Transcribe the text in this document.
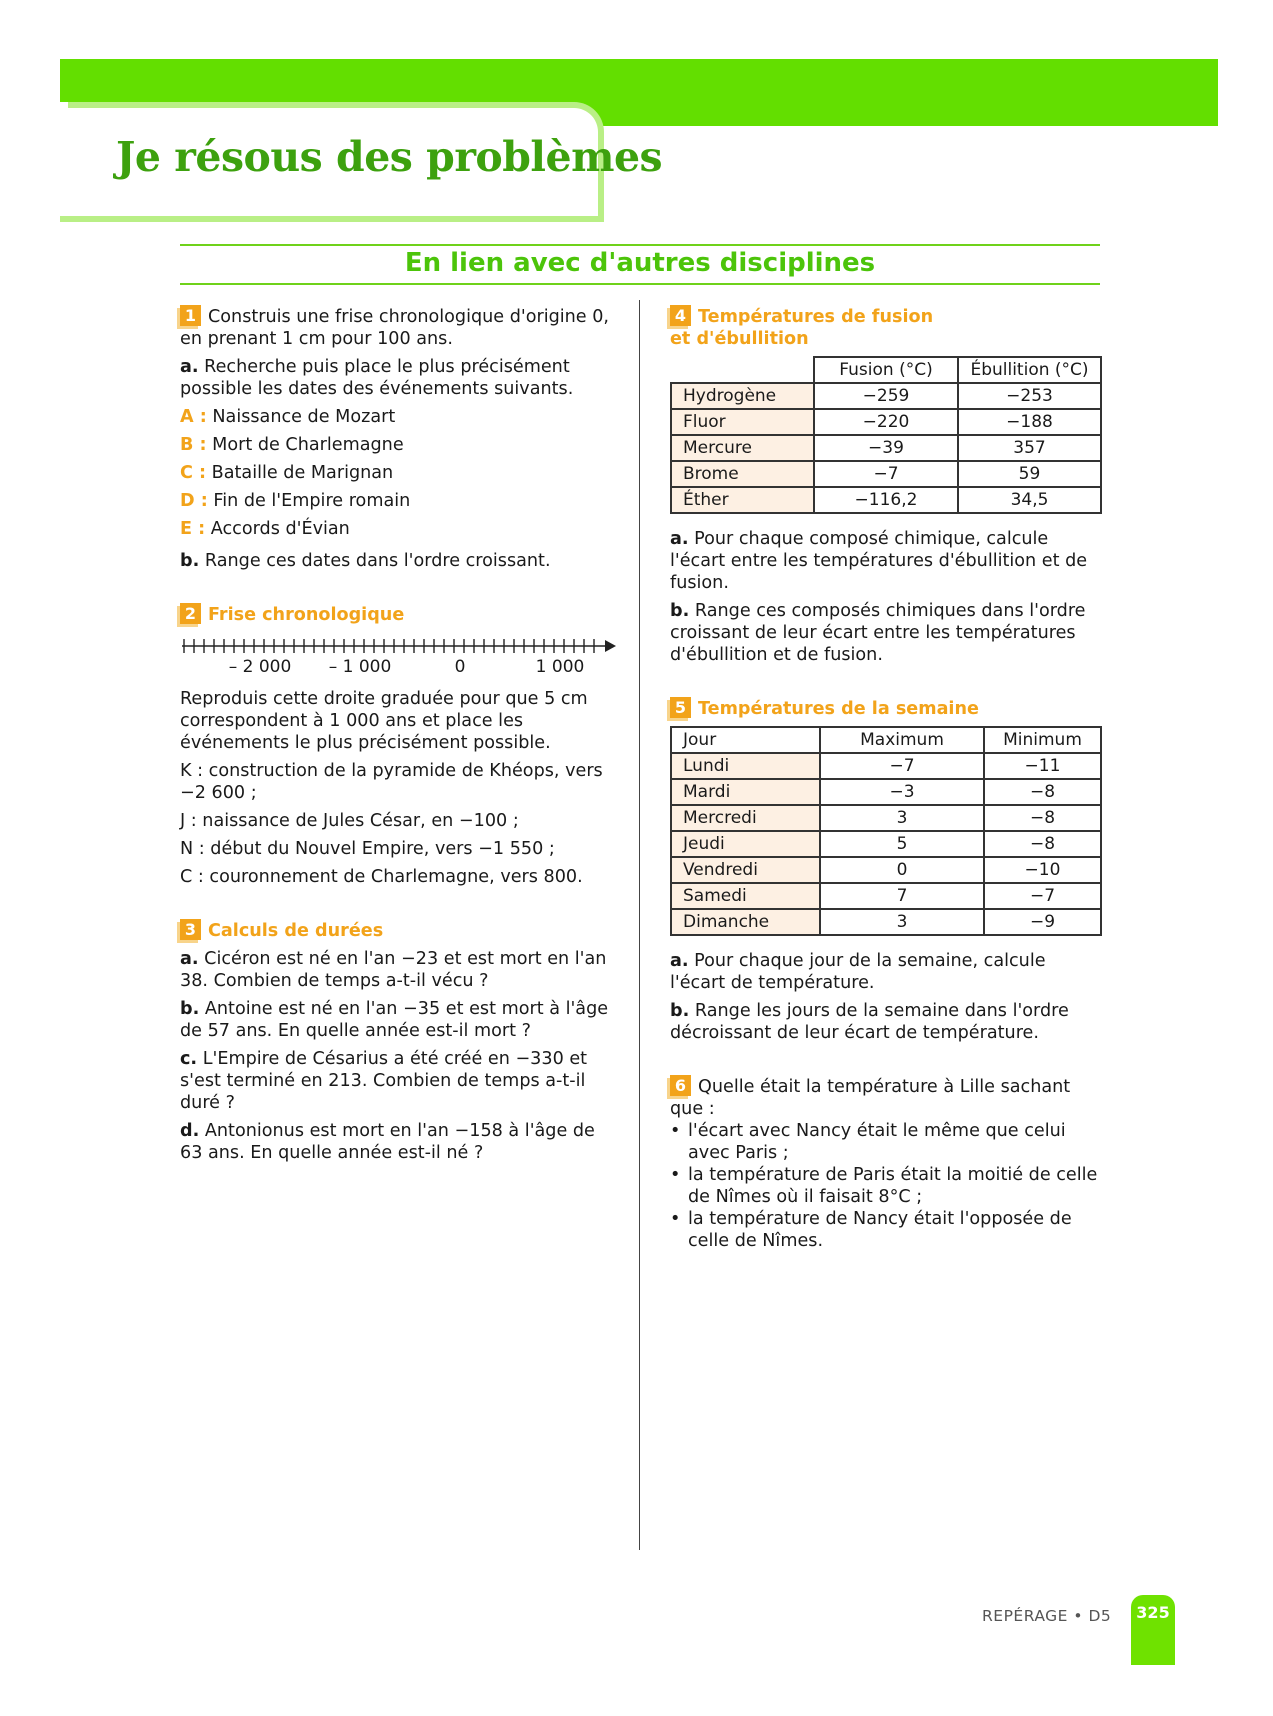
Je résous des problèmes
En lien avec d'autres disciplines

1 Construis une frise chronologique d'origine 0, en prenant 1 cm pour 100 ans.

a. Recherche puis place le plus précisément possible les dates des événements suivants.

A : Naissance de Mozart
B : Mort de Charlemagne
C : Bataille de Marignan
D : Fin de l'Empire romain
E : Accords d'Évian

b. Range ces dates dans l'ordre croissant.

2 Frise chronologique
– 2 000 – 1 000	0	1 000

Reproduis cette droite graduée pour que 5 cm correspondent à 1 000 ans et place les événements le plus précisément possible.

K : construction de la pyramide de Khéops, vers −2 600 ;

J : naissance de Jules César, en −100 ;

N : début du Nouvel Empire, vers −1 550 ;

C : couronnement de Charlemagne, vers 800.

3 Calculs de durées

a. Cicéron est né en l'an −23 et est mort en l'an 38. Combien de temps a-t-il vécu ?

b. Antoine est né en l'an −35 et est mort à l'âge de 57 ans. En quelle année est-il mort ?

c. L'Empire de Césarius a été créé en −330 et s'est terminé en 213. Combien de temps a-t-il duré ?

d. Antonionus est mort en l'an −158 à l'âge de 63 ans. En quelle année est-il né ?

4 Températures de fusion
et d'ébullition
	Fusion (°C)	Ébullition (°C)
Hydrogène	−259	−253
Fluor	−220	−188
Mercure	−39	357
Brome	−7	59
Éther	−116,2	34,5

a. Pour chaque composé chimique, calcule l'écart entre les températures d'ébullition et de fusion.

b. Range ces composés chimiques dans l'ordre croissant de leur écart entre les températures d'ébullition et de fusion.

5 Températures de la semaine
Jour	Maximum	Minimum
Lundi	−7	−11
Mardi	−3	−8
Mercredi	3	−8
Jeudi	5	−8
Vendredi	0	−10
Samedi	7	−7
Dimanche	3	−9

a. Pour chaque jour de la semaine, calcule l'écart de température.

b. Range les jours de la semaine dans l'ordre décroissant de leur écart de température.

6 Quelle était la température à Lille sachant que :

• l'écart avec Nancy était le même que celui avec Paris ;
• la température de Paris était la moitié de celle de Nîmes où il faisait 8°C ;
• la température de Nancy était l'opposée de celle de Nîmes.
REPÉRAGE • D5	325
